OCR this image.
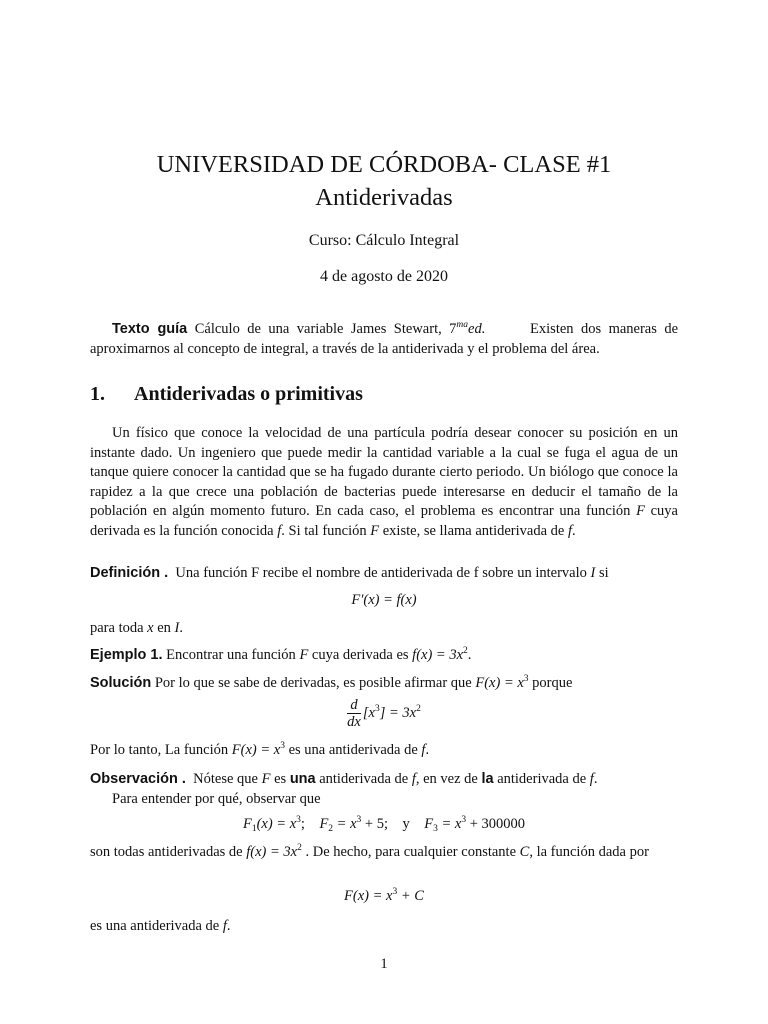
UNIVERSIDAD DE CÓRDOBA- CLASE #1
Antiderivadas
Curso: Cálculo Integral
4 de agosto de 2020

Texto guía Cálculo de una variable James Stewart, $7^{ma}ed$.	Existen dos maneras de aproximarnos al concepto de integral, a través de la antiderivada y el problema del área.

1. Antiderivadas o primitivas

Un físico que conoce la velocidad de una partícula podría desear conocer su posición en un instante dado. Un ingeniero que puede medir la cantidad variable a la cual se fuga el agua de un tanque quiere conocer la cantidad que se ha fugado durante cierto periodo. Un biólogo que conoce la rapidez a la que crece una población de bacterias puede interesarse en deducir el tamaño de la población en algún momento futuro. En cada caso, el problema es encontrar una función F cuya derivada es la función conocida f. Si tal función F existe, se llama antiderivada de f.

Definición . Una función F recibe el nombre de antiderivada de f sobre un intervalo I si

F′(x) = f(x)

para toda x en I.

Ejemplo 1. Encontrar una función F cuya derivada es $f(x) = 3x^2$.

Solución Por lo que se sabe de derivadas, es posible afirmar que $F(x) = x^3$ porque

$\frac{d}{dx} [x^3] = 3x^2$

Por lo tanto, La función $F(x) = x^3$ es una antiderivada de f.

Observación . Nótese que F es una antiderivada de f, en vez de la antiderivada de f.

Para entender por qué, observar que

$F_1(x) = x^3$;    $F_2 = x^3 + 5$; y $F_3 = x^3 + 300000$

son todas antiderivadas de $f(x) = 3x^2$ . De hecho, para cualquier constante C, la función dada por

$F(x) = x^3 + C$

es una antiderivada de f.

1
